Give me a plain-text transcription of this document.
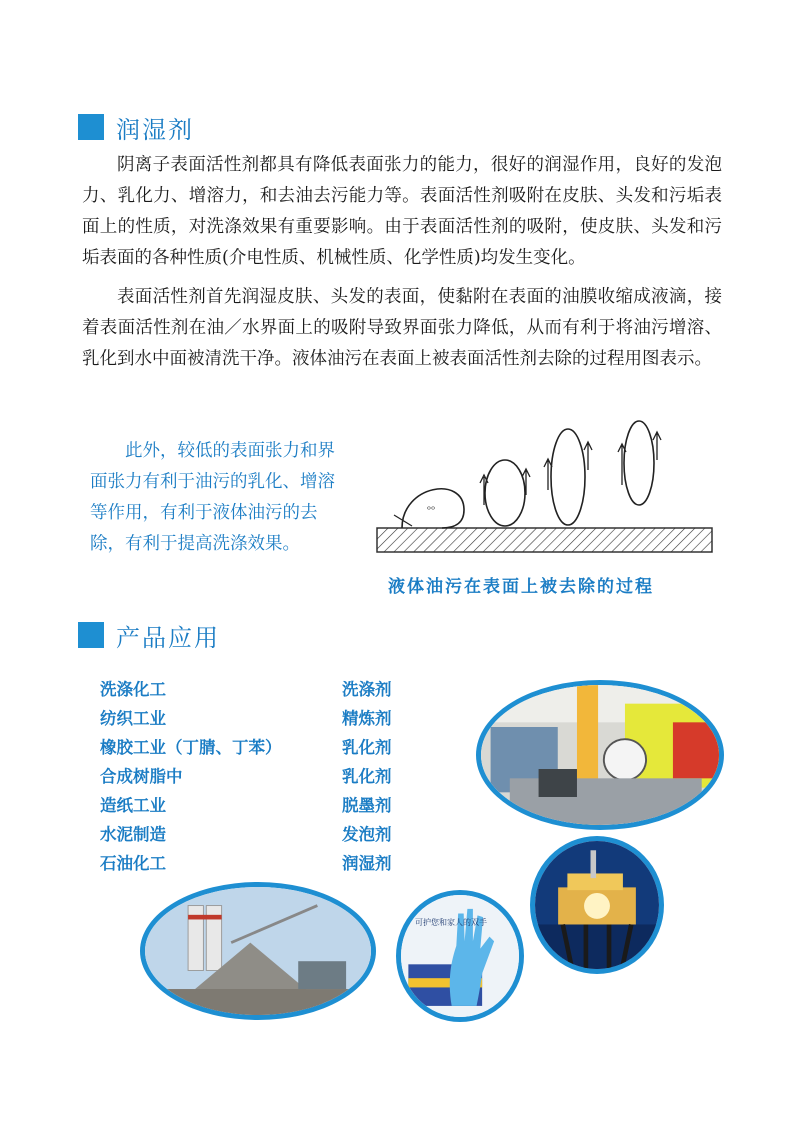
润湿剂

阴离子表面活性剂都具有降低表面张力的能力，很好的润湿作用，良好的发泡力、乳化力、增溶力，和去油去污能力等。表面活性剂吸附在皮肤、头发和污垢表面上的性质，对洗涤效果有重要影响。由于表面活性剂的吸附，使皮肤、头发和污垢表面的各种性质(介电性质、机械性质、化学性质)均发生变化。

表面活性剂首先润湿皮肤、头发的表面，使黏附在表面的油膜收缩成液滴，接着表面活性剂在油／水界面上的吸附导致界面张力降低，从而有利于将油污增溶、乳化到水中面被清洗干净。液体油污在表面上被表面活性剂去除的过程用图表示。

此外，较低的表面张力和界面张力有利于油污的乳化、增溶等作用，有利于液体油污的去除，有利于提高洗涤效果。

ᵒᵒ
液体油污在表面上被去除的过程
产品应用
洗涤化工	洗涤剂
纺织工业	精炼剂
橡胶工业（丁腈、丁苯）	乳化剂
合成树脂中	乳化剂
造纸工业	脱墨剂
水泥制造	发泡剂
石油化工	润湿剂
可护您和家人的双手
